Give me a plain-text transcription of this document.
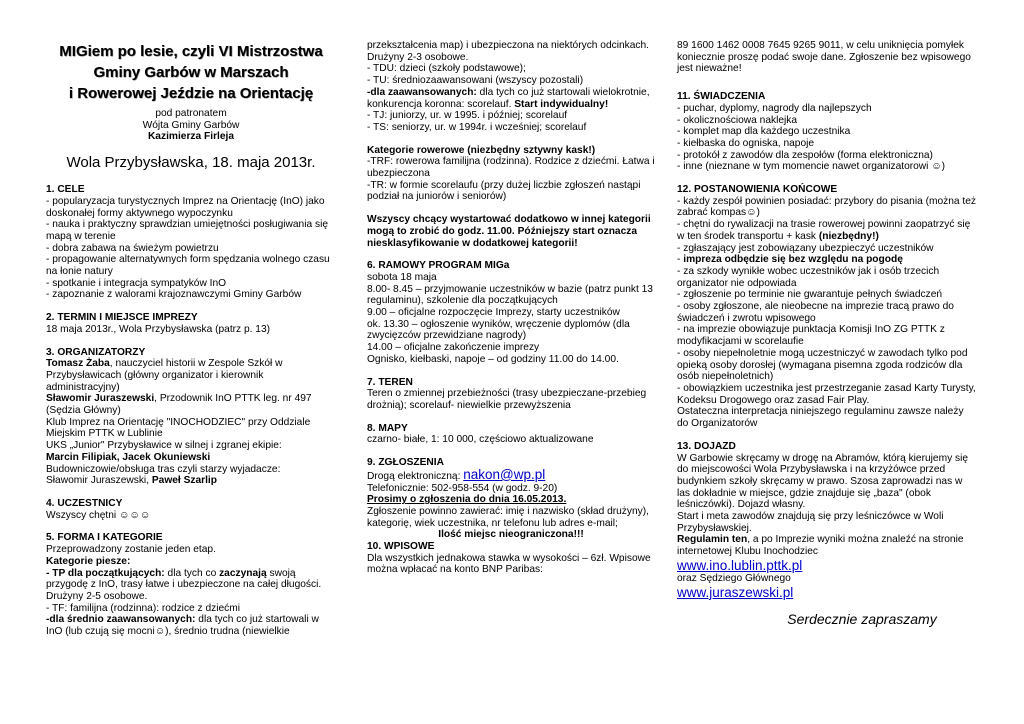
MIGiem po lesie, czyli VI Mistrzostwa
Gminy Garbów w Marszach
i Rowerowej Jeździe na Orientację
pod patronatem
Wójta Gminy Garbów
Kazimierza Firleja
Wola Przybysławska, 18. maja 2013r.
1. CELE

- popularyzacja turystycznych Imprez na Orientację (InO) jako doskonałej formy aktywnego wypoczynku

- nauka i praktyczny sprawdzian umiejętności posługiwania się mapą w terenie

- dobra zabawa na świeżym powietrzu

- propagowanie alternatywnych form spędzania wolnego czasu na łonie natury

- spotkanie i integracja sympatyków InO

- zapoznanie z walorami krajoznawczymi Gminy Garbów

2. TERMIN I MIEJSCE IMPREZY

18 maja 2013r., Wola Przybysławska (patrz p. 13)

3. ORGANIZATORZY

Tomasz Żaba, nauczyciel historii w Zespole Szkół w Przybysławicach (główny organizator i kierownik administracyjny)

Sławomir Juraszewski, Przodownik InO PTTK leg. nr 497 (Sędzia Główny)

Klub Imprez na Orientację "INOCHODZIEC" przy Oddziale Miejskim PTTK w Lublinie

UKS „Junior" Przybysławice w silnej i zgranej ekipie:

Marcin Filipiak, Jacek Okuniewski

Budowniczowie/obsługa tras czyli starzy wyjadacze:

Sławomir Juraszewski, Paweł Szarlip

4. UCZESTNICY

Wszyscy chętni ☺☺☺

5. FORMA I KATEGORIE

Przeprowadzony zostanie jeden etap.

Kategorie piesze:

- TP dla początkujących: dla tych co zaczynają swoją przygodę z InO, trasy łatwe i ubezpieczone na całej długości. Drużyny 2-5 osobowe.

- TF: familijna (rodzinna): rodzice z dziećmi

-dla średnio zaawansowanych: dla tych co już startowali w InO (lub czują się mocni☺), średnio trudna (niewielkie

przekształcenia map) i ubezpieczona na niektórych odcinkach. Drużyny 2-3 osobowe.

- TDU: dzieci (szkoły podstawowe);

- TU: średniozaawansowani (wszyscy pozostali)

-dla zaawansowanych: dla tych co już startowali wielokrotnie, konkurencja koronna: scorelauf. Start indywidualny!

- TJ: juniorzy, ur. w 1995. i później; scorelauf

- TS: seniorzy, ur. w 1994r. i wcześniej; scorelauf

Kategorie rowerowe (niezbędny sztywny kask!)

-TRF: rowerowa familijna (rodzinna). Rodzice z dziećmi. Łatwa i ubezpieczona

-TR: w formie scorelaufu (przy dużej liczbie zgłoszeń nastąpi podział na juniorów i seniorów)

Wszyscy chcący wystartować dodatkowo w innej kategorii mogą to zrobić do godz. 11.00. Późniejszy start oznacza niesklasyfikowanie w dodatkowej kategorii!

6. RAMOWY PROGRAM MIGa

sobota 18 maja

8.00- 8.45 – przyjmowanie uczestników w bazie (patrz punkt 13 regulaminu), szkolenie dla początkujących

9.00 – oficjalne rozpoczęcie Imprezy, starty uczestników

ok. 13.30 – ogłoszenie wyników, wręczenie dyplomów (dla zwycięzców przewidziane nagrody)

14.00 – oficjalne zakończenie imprezy

Ognisko, kiełbaski, napoje – od godziny 11.00 do 14.00.

7. TEREN

Teren o zmiennej przebieżności (trasy ubezpieczane-przebieg drożnią); scorelauf- niewielkie przewyższenia

8. MAPY

czarno- białe, 1: 10 000, częściowo aktualizowane

9. ZGŁOSZENIA

Drogą elektroniczną: nakon@wp.pl

Telefonicznie: 502-958-554 (w godz. 9-20)

Prosimy o zgłoszenia do dnia 16.05.2013.

Zgłoszenie powinno zawierać: imię i nazwisko (skład drużyny), kategorię, wiek uczestnika, nr telefonu lub adres e-mail;

Ilość miejsc nieograniczona!!!

10. WPISOWE

Dla wszystkich jednakowa stawka w wysokości – 6zł. Wpisowe można wpłacać na konto BNP Paribas:

89 1600 1462 0008 7645 9265 9011, w celu uniknięcia pomyłek koniecznie proszę podać swoje dane. Zgłoszenie bez wpisowego jest nieważne!

11. ŚWIADCZENIA

- puchar, dyplomy, nagrody dla najlepszych

- okolicznościowa naklejka

- komplet map dla każdego uczestnika

- kiełbaska do ogniska, napoje

- protokół z zawodów dla zespołów (forma elektroniczna)

- inne (nieznane w tym momencie nawet organizatorowi ☺)

12. POSTANOWIENIA KOŃCOWE

- każdy zespół powinien posiadać: przybory do pisania (można też zabrać kompas☺)

- chętni do rywalizacji na trasie rowerowej powinni zaopatrzyć się w ten środek transportu + kask (niezbędny!)

- zgłaszający jest zobowiązany ubezpieczyć uczestników

- impreza odbędzie się bez względu na pogodę

- za szkody wynikłe wobec uczestników jak i osób trzecich organizator nie odpowiada

- zgłoszenie po terminie nie gwarantuje pełnych świadczeń

- osoby zgłoszone, ale nieobecne na imprezie tracą prawo do świadczeń i zwrotu wpisowego

- na imprezie obowiązuje punktacja Komisji InO ZG PTTK z modyfikacjami w scorelaufie

- osoby niepełnoletnie mogą uczestniczyć w zawodach tylko pod opieką osoby dorosłej (wymagana pisemna zgoda rodziców dla osób niepełnoletnich)

- obowiązkiem uczestnika jest przestrzeganie zasad Karty Turysty, Kodeksu Drogowego oraz zasad Fair Play.

Ostateczna interpretacja niniejszego regulaminu zawsze należy do Organizatorów

13. DOJAZD

W Garbowie skręcamy w drogę na Abramów, którą kierujemy się do miejscowości Wola Przybysławska i na krzyżówce przed budynkiem szkoły skręcamy w prawo. Szosa zaprowadzi nas w las dokładnie w miejsce, gdzie znajduje się „baza" (obok leśniczówki). Dojazd własny.

Start i meta zawodów znajdują się przy leśniczówce w Woli Przybysławskiej.

Regulamin ten, a po Imprezie wyniki można znaleźć na stronie internetowej Klubu Inochodziec

www.ino.lublin.pttk.pl

oraz Sędziego Głównego

www.juraszewski.pl

Serdecznie zapraszamy
